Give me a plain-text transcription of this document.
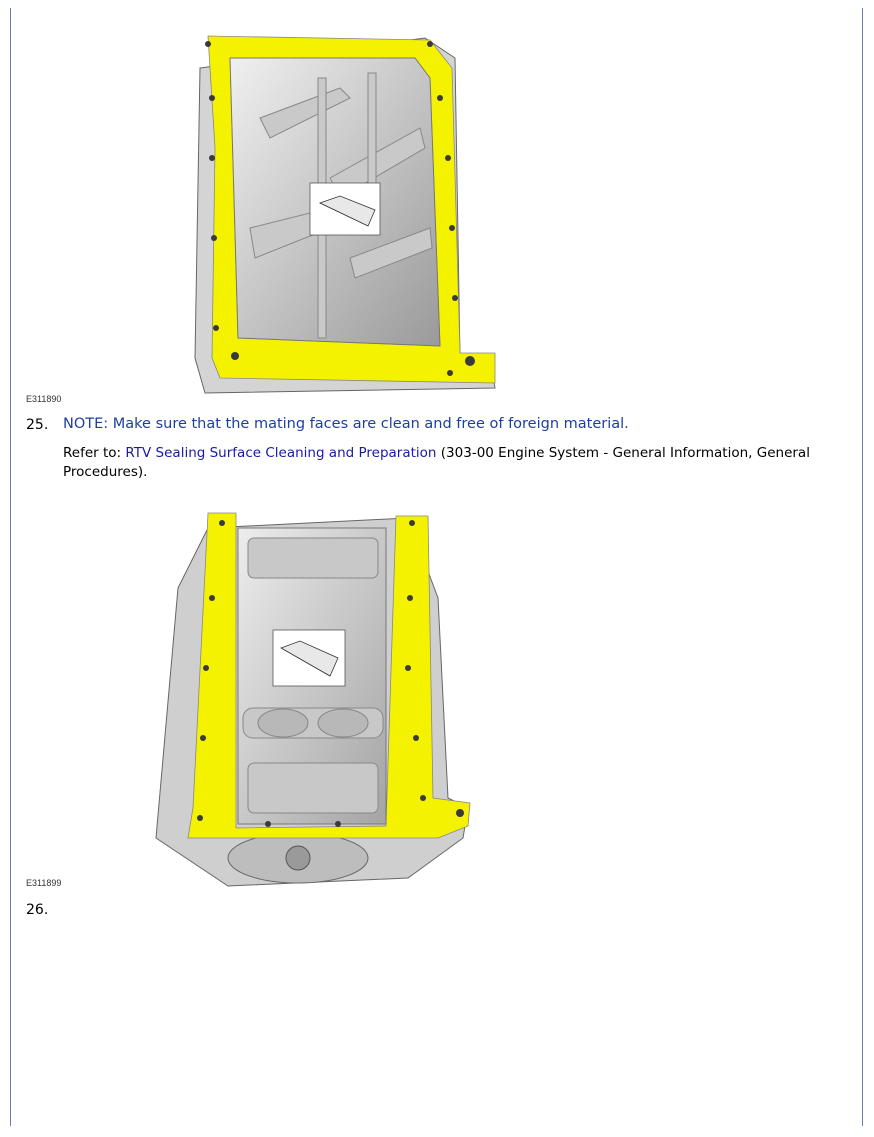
E311890
25. NOTE: Make sure that the mating faces are clean and free of foreign material.
Refer to: RTV Sealing Surface Cleaning and Preparation (303-00 Engine System - General Information, General Procedures).
E311899
26.
